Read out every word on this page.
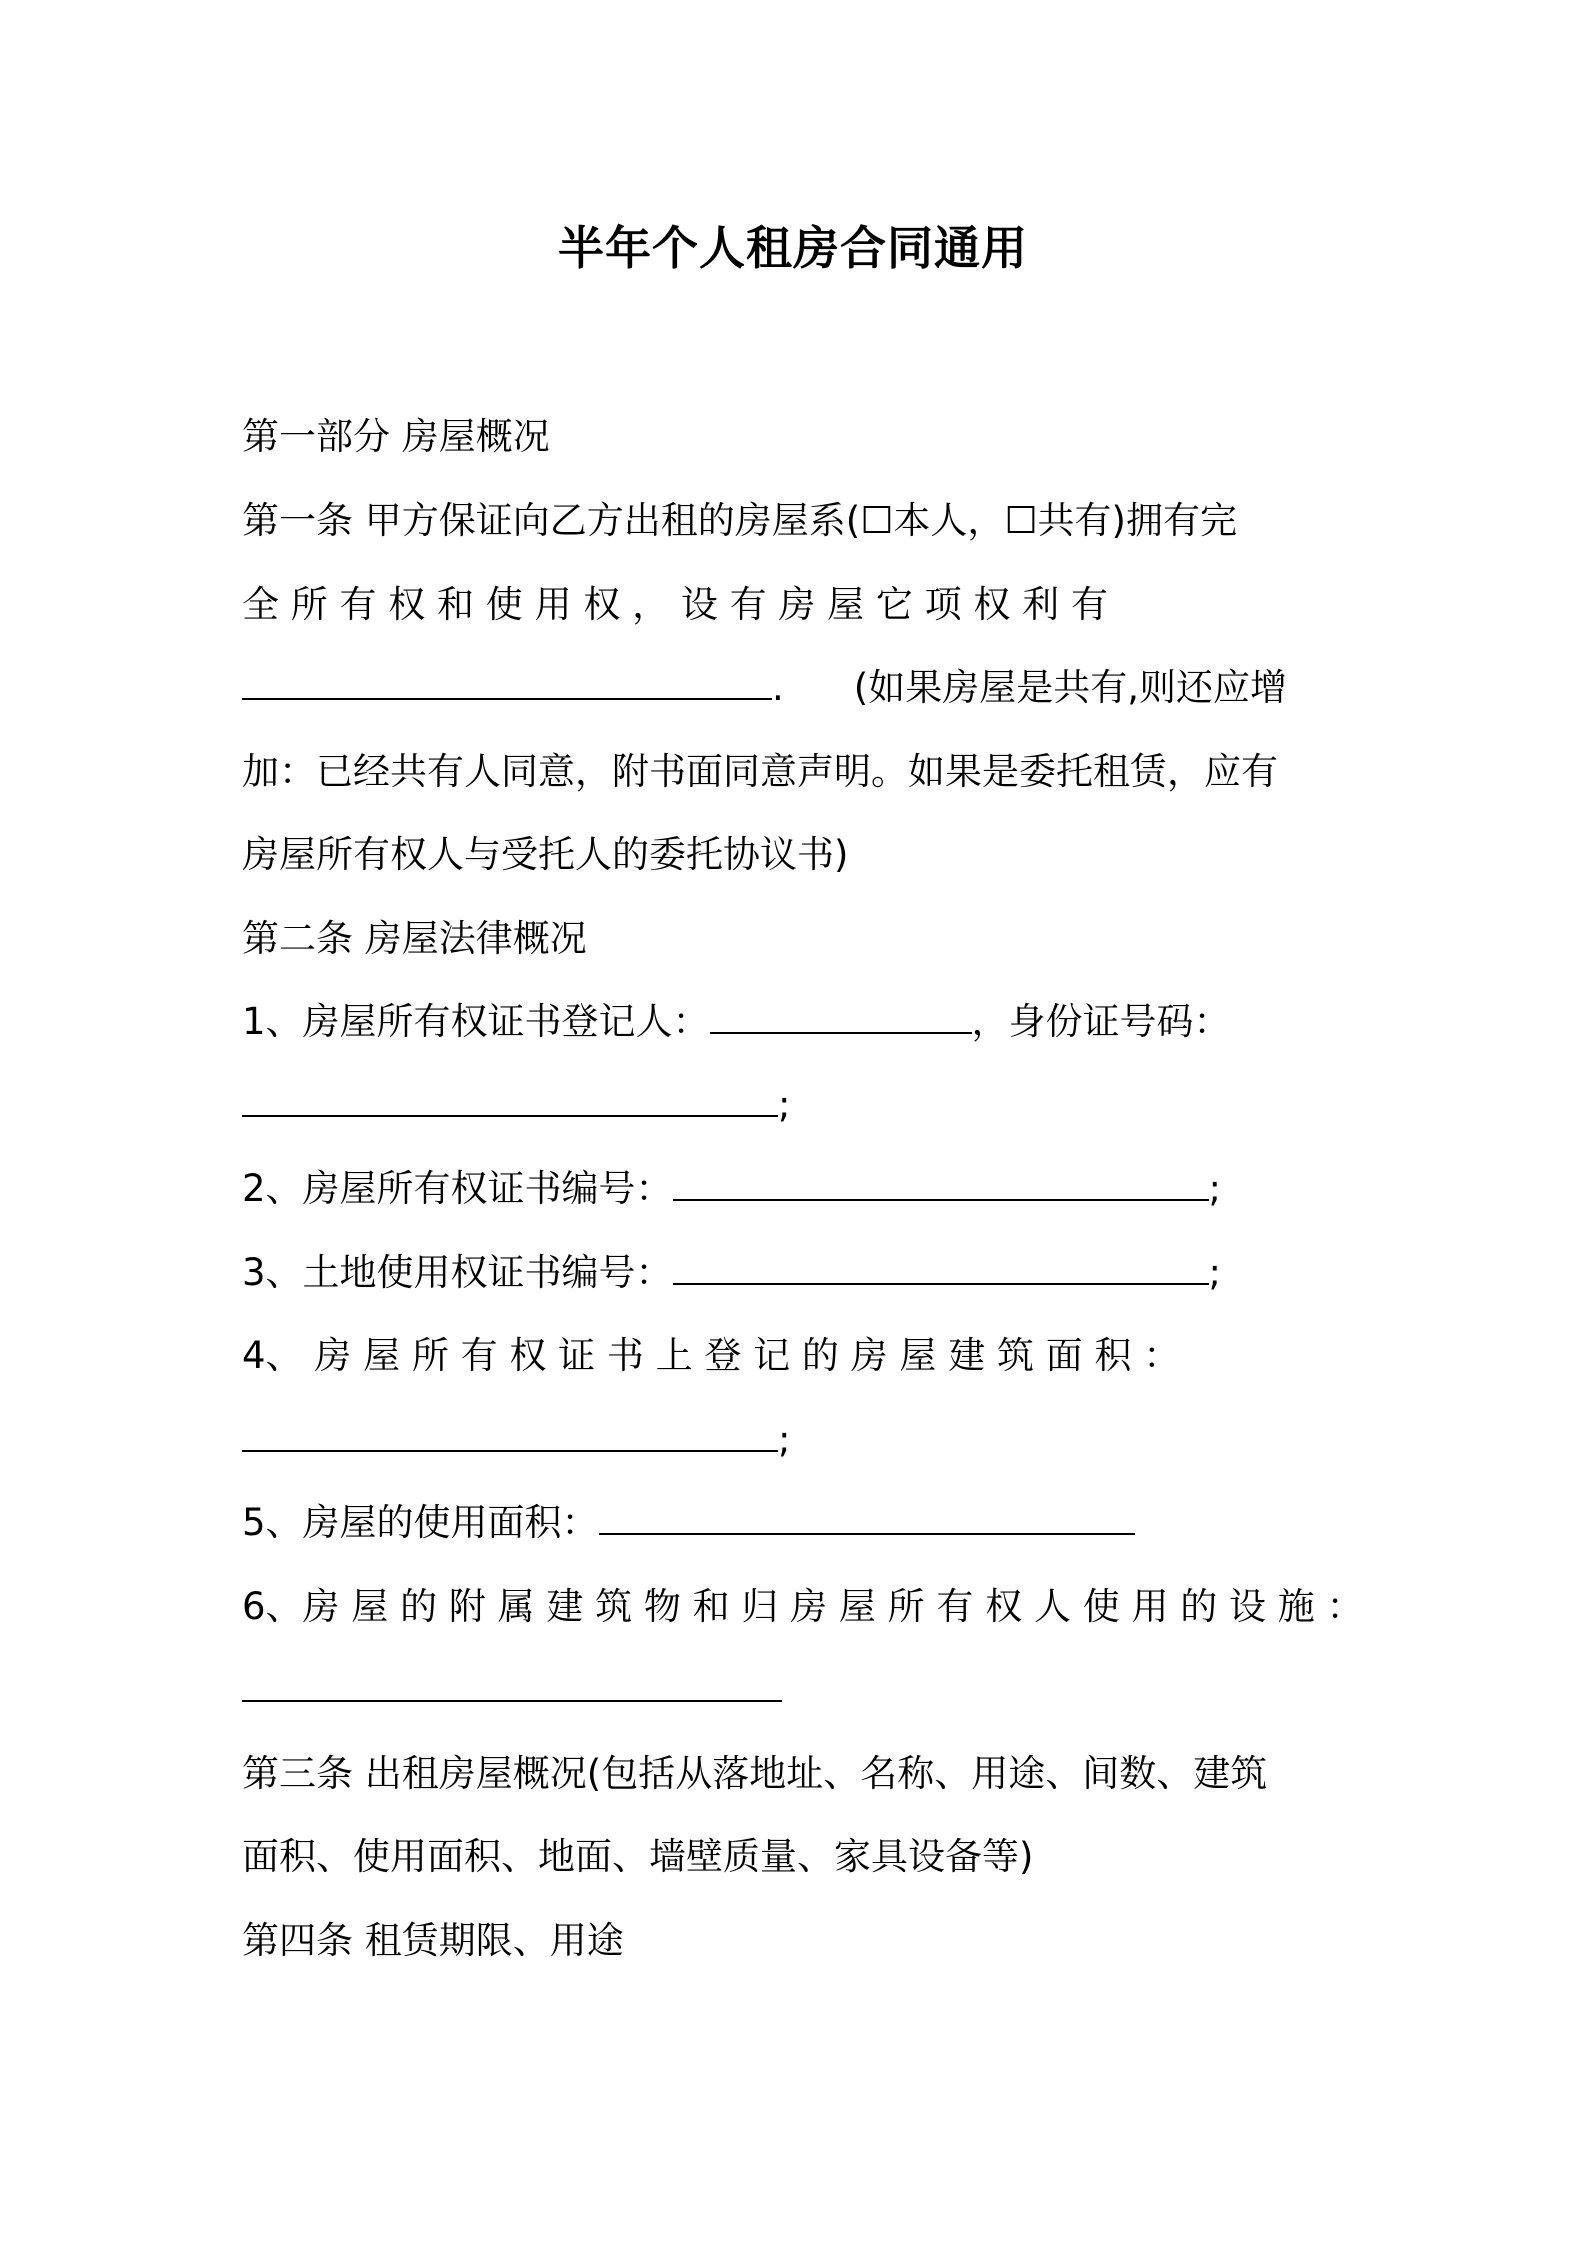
半年个人租房合同通用
第一部分 房屋概况
第一条 甲方保证向乙方出租的房屋系(☐本人，☐共有)拥有完
全 所 有 权 和 使 用 权 ， 设 有 房 屋 它 项 权 利 有
. (如果房屋是共有,则还应增
加：已经共有人同意，附书面同意声明。如果是委托租赁，应有
房屋所有权人与受托人的委托协议书)
第二条 房屋法律概况
1、房屋所有权证书登记人：	，身份证号码：
;
2、房屋所有权证书编号：	;
3、土地使用权证书编号：	;
4、 房 屋 所 有 权 证 书 上 登 记 的 房 屋 建 筑 面 积 ：
;
5、房屋的使用面积：
6、房 屋 的 附 属 建 筑 物 和 归 房 屋 所 有 权 人 使 用 的 设 施 ：
第三条 出租房屋概况(包括从落地址、名称、用途、间数、建筑
面积、使用面积、地面、墙壁质量、家具设备等)
第四条 租赁期限、用途
